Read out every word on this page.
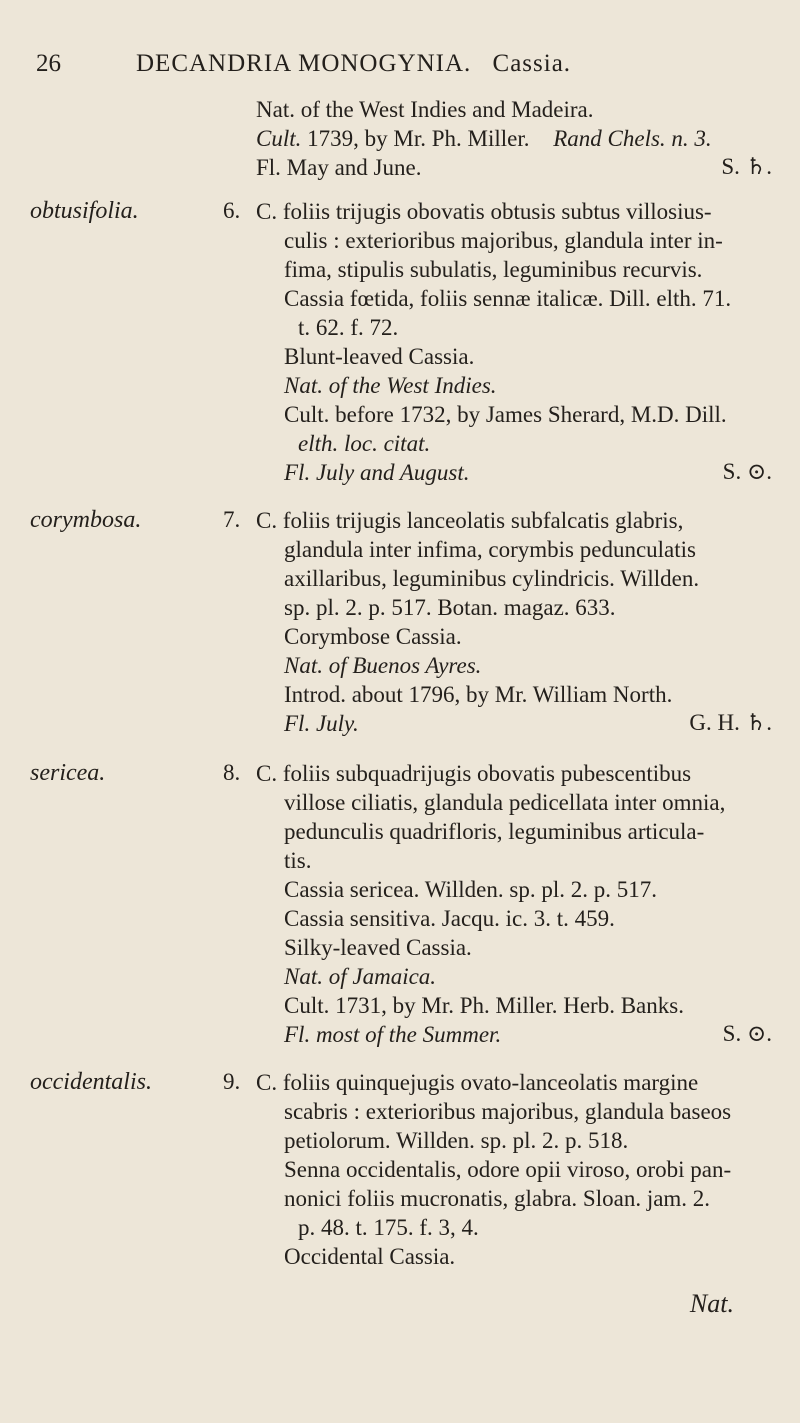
26	DECANDRIA MONOGYNIA. Cassia.
Nat. of the West Indies and Madeira.
Cult. 1739, by Mr. Ph. Miller. Rand Chels. n. 3.
Fl. May and June.	S. ♄.
obtusifolia.	6. C. foliis trijugis obovatis obtusis subtus villosius-
culis : exterioribus majoribus, glandula inter in-
fima, stipulis subulatis, leguminibus recurvis.
Cassia fœtida, foliis sennæ italicæ. Dill. elth. 71.
t. 62. f. 72.
Blunt-leaved Cassia.
Nat. of the West Indies.
Cult. before 1732, by James Sherard, M.D. Dill.
elth. loc. citat.
Fl. July and August.	S. ⊙.
corymbosa.	7. C. foliis trijugis lanceolatis subfalcatis glabris,
glandula inter infima, corymbis pedunculatis
axillaribus, leguminibus cylindricis. Willden.
sp. pl. 2. p. 517. Botan. magaz. 633.
Corymbose Cassia.
Nat. of Buenos Ayres.
Introd. about 1796, by Mr. William North.
Fl. July.	G. H. ♄.
sericea.	8. C. foliis subquadrijugis obovatis pubescentibus
villose ciliatis, glandula pedicellata inter omnia,
pedunculis quadrifloris, leguminibus articula-
tis.
Cassia sericea. Willden. sp. pl. 2. p. 517.
Cassia sensitiva. Jacqu. ic. 3. t. 459.
Silky-leaved Cassia.
Nat. of Jamaica.
Cult. 1731, by Mr. Ph. Miller. Herb. Banks.
Fl. most of the Summer.	S. ⊙.
occidentalis.	9. C. foliis quinquejugis ovato-lanceolatis margine
scabris : exterioribus majoribus, glandula baseos
petiolorum. Willden. sp. pl. 2. p. 518.
Senna occidentalis, odore opii viroso, orobi pan-
nonici foliis mucronatis, glabra. Sloan. jam. 2.
p. 48. t. 175. f. 3, 4.
Occidental Cassia.
Nat.
